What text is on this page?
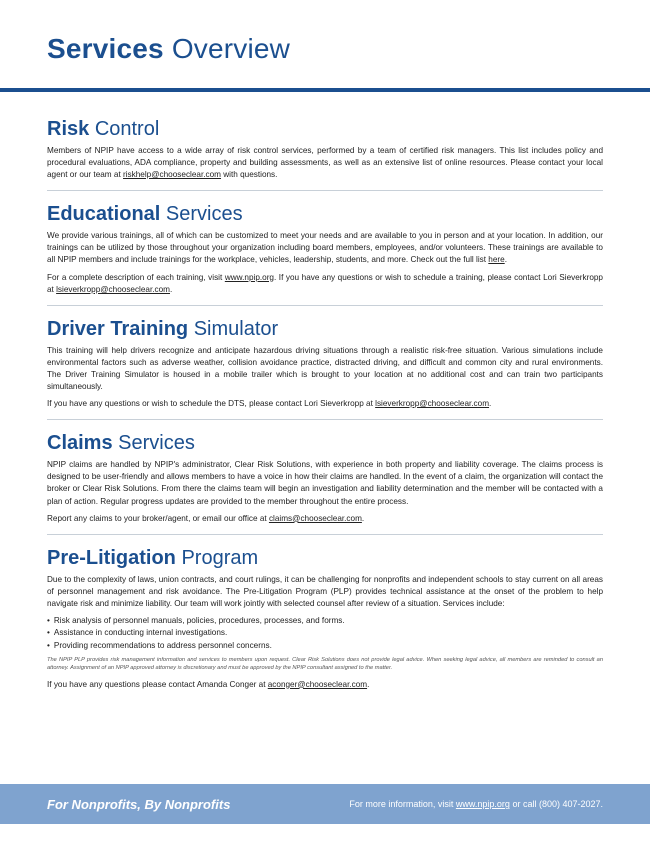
Services Overview
Risk Control

Members of NPIP have access to a wide array of risk control services, performed by a team of certified risk managers. This list includes policy and procedural evaluations, ADA compliance, property and building assessments, as well as an extensive list of online resources. Please contact your local agent or our team at riskhelp@chooseclear.com with questions.

Educational Services

We provide various trainings, all of which can be customized to meet your needs and are available to you in person and at your location. In addition, our trainings can be utilized by those throughout your organization including board members, employees, and/or volunteers. These trainings are available to all NPIP members and include trainings for the workplace, vehicles, leadership, students, and more. Check out the full list here.

For a complete description of each training, visit www.npip.org. If you have any questions or wish to schedule a training, please contact Lori Sieverkropp at lsieverkropp@chooseclear.com.

Driver Training Simulator

This training will help drivers recognize and anticipate hazardous driving situations through a realistic risk-free situation. Various simulations include environmental factors such as adverse weather, collision avoidance practice, distracted driving, and difficult and common city and rural environments. The Driver Training Simulator is housed in a mobile trailer which is brought to your location at no additional cost and can train two participants simultaneously.

If you have any questions or wish to schedule the DTS, please contact Lori Sieverkropp at lsieverkropp@chooseclear.com.

Claims Services

NPIP claims are handled by NPIP's administrator, Clear Risk Solutions, with experience in both property and liability coverage. The claims process is designed to be user-friendly and allows members to have a voice in how their claims are handled. In the event of a claim, the organization will contact the broker or Clear Risk Solutions. From there the claims team will begin an investigation and liability determination and the member will be contacted with a plan of action. Regular progress updates are provided to the member throughout the entire process.

Report any claims to your broker/agent, or email our office at claims@chooseclear.com.

Pre-Litigation Program

Due to the complexity of laws, union contracts, and court rulings, it can be challenging for nonprofits and independent schools to stay current on all areas of personnel management and risk avoidance. The Pre-Litigation Program (PLP) provides technical assistance at the onset of the problem to help navigate risk and minimize liability. Our team will work jointly with selected counsel after review of a situation. Services include:

• Risk analysis of personnel manuals, policies, procedures, processes, and forms.
• Assistance in conducting internal investigations.
• Providing recommendations to address personnel concerns.

The NPIP PLP provides risk management information and services to members upon request. Clear Risk Solutions does not provide legal advice. When seeking legal advice, all members are reminded to consult an attorney. Assignment of an NPIP approved attorney is discretionary and must be approved by the NPIP consultant assigned to the matter.

If you have any questions please contact Amanda Conger at aconger@chooseclear.com.

For Nonprofits, By Nonprofits	For more information, visit www.npip.org or call (800) 407-2027.
